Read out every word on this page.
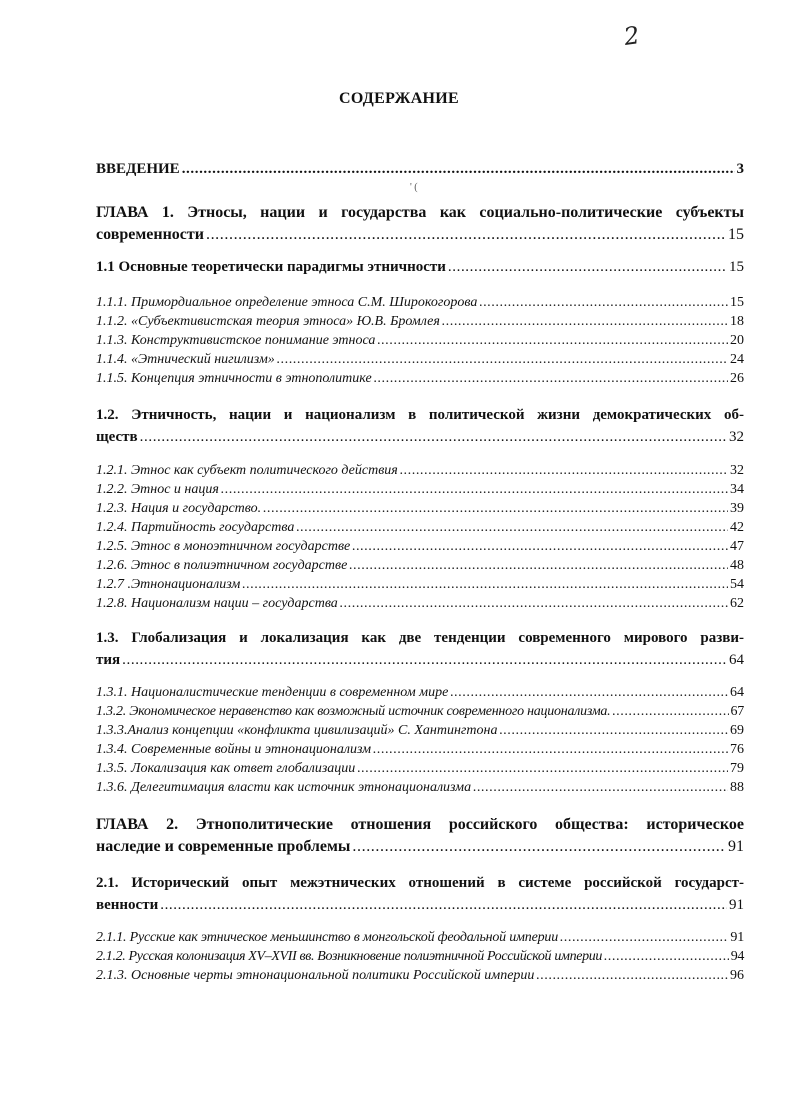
2
СОДЕРЖАНИЕ
' (
ВВЕДЕНИЕ .....	3
ГЛАВА 1. Этносы, нации и государства как социально-политические субъекты
современности .....	15
1.1 Основные теоретически парадигмы этничности .....	15
1.1.1. Примордиальное определение этноса С.М. Широкогорова .....	15
1.1.2. «Субъективистская теория этноса» Ю.В. Бромлея .....	18
1.1.3. Конструктивистское понимание этноса .....	20
1.1.4. «Этнический нигилизм» .....	24
1.1.5. Концепция этничности в этнополитике .....	26
1.2. Этничность, нации и национализм в политической жизни демократических об-
ществ .....	32
1.2.1. Этнос как субъект политического действия .....	32
1.2.2. Этнос и нация .....	34
1.2.3. Нация и государство. .....	39
1.2.4. Партийность государства .....	42
1.2.5. Этнос в моноэтничном государстве .....	47
1.2.6. Этнос в полиэтничном государстве .....	48
1.2.7 .Этнонационализм .....	54
1.2.8. Национализм нации – государства .....	62
1.3. Глобализация и локализация как две тенденции современного мирового разви-
тия .....	64
1.3.1. Националистические тенденции в современном мире .....	64
1.3.2. Экономическое неравенство как возможный источник современного национализма. .....	67
1.3.3.Анализ концепции «конфликта цивилизаций» С. Хантингтона .....	69
1.3.4. Современные войны и этнонационализм .....	76
1.3.5. Локализация как ответ глобализации .....	79
1.3.6. Делегитимация власти как источник этнонационализма .....	88
ГЛАВА 2. Этнополитические отношения российского общества: историческое
наследие и современные проблемы .....	91
2.1. Исторический опыт межэтнических отношений в системе российской государст-
венности .....	91
2.1.1. Русские как этническое меньшинство в монгольской феодальной империи .....	91
2.1.2. Русская колонизация XV–XVII вв. Возникновение полиэтничной Российской империи .....	94
2.1.3. Основные черты этнонациональной политики Российской империи .....	96
